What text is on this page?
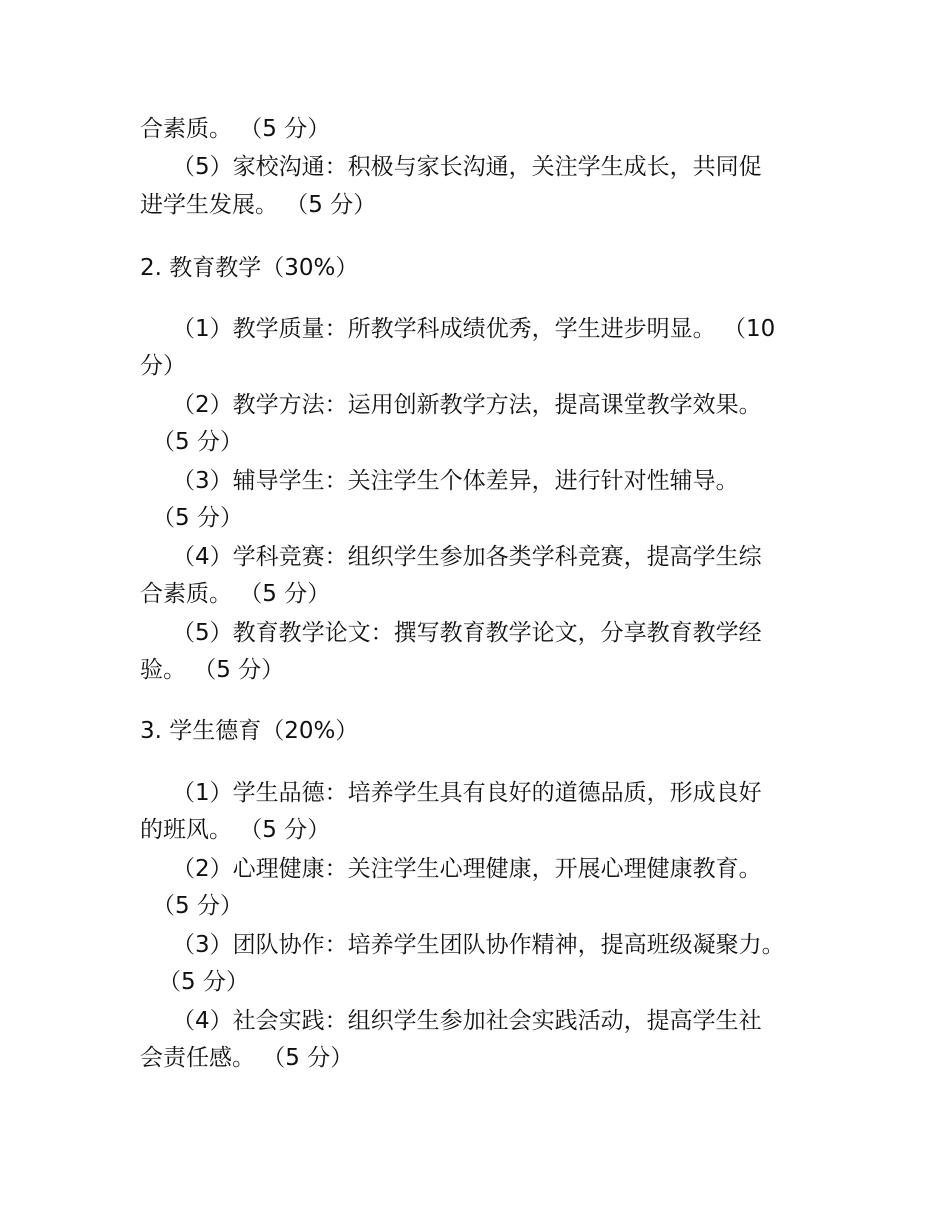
合素质。 （5 分）
（5）家校沟通：积极与家长沟通，关注学生成长，共同促
进学生发展。 （5 分）
2. 教育教学（30%）
（1）教学质量：所教学科成绩优秀，学生进步明显。 （10
分）
（2）教学方法：运用创新教学方法，提高课堂教学效果。
（5 分）
（3）辅导学生：关注学生个体差异，进行针对性辅导。
（5 分）
（4）学科竞赛：组织学生参加各类学科竞赛，提高学生综
合素质。 （5 分）
（5）教育教学论文：撰写教育教学论文，分享教育教学经
验。 （5 分）
3. 学生德育（20%）
（1）学生品德：培养学生具有良好的道德品质，形成良好
的班风。 （5 分）
（2）心理健康：关注学生心理健康，开展心理健康教育。
（5 分）
（3）团队协作：培养学生团队协作精神，提高班级凝聚力。
（5 分）
（4）社会实践：组织学生参加社会实践活动，提高学生社
会责任感。 （5 分）
